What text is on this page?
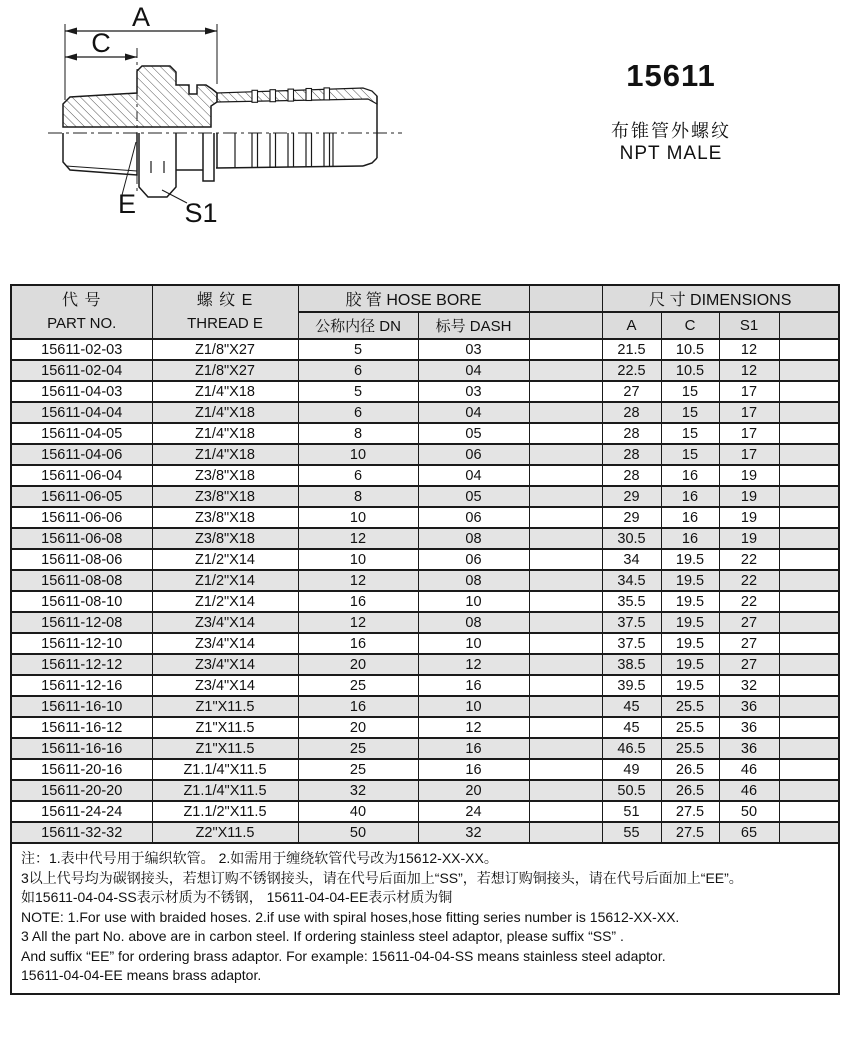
A
C
E S1
15611
布锥管外螺纹
NPT MALE
代 号
PART NO.

螺 纹 E
THREAD E
	胶 管 HOSE BORE		尺 寸 DIMENSIONS
		公称内径 DN	标号 DASH		A	C	S1	
15611-02-03	Z1/8"X27	5	03		21.5	10.5	12	
15611-02-04	Z1/8"X27	6	04		22.5	10.5	12	
15611-04-03	Z1/4"X18	5	03		27	15	17	
15611-04-04	Z1/4"X18	6	04		28	15	17	
15611-04-05	Z1/4"X18	8	05		28	15	17	
15611-04-06	Z1/4"X18	10	06		28	15	17	
15611-06-04	Z3/8"X18	6	04		28	16	19	
15611-06-05	Z3/8"X18	8	05		29	16	19	
15611-06-06	Z3/8"X18	10	06		29	16	19	
15611-06-08	Z3/8"X18	12	08		30.5	16	19	
15611-08-06	Z1/2"X14	10	06		34	19.5	22	
15611-08-08	Z1/2"X14	12	08		34.5	19.5	22	
15611-08-10	Z1/2"X14	16	10		35.5	19.5	22	
15611-12-08	Z3/4"X14	12	08		37.5	19.5	27	
15611-12-10	Z3/4"X14	16	10		37.5	19.5	27	
15611-12-12	Z3/4"X14	20	12		38.5	19.5	27	
15611-12-16	Z3/4"X14	25	16		39.5	19.5	32	
15611-16-10	Z1"X11.5	16	10		45	25.5	36	
15611-16-12	Z1"X11.5	20	12		45	25.5	36	
15611-16-16	Z1"X11.5	25	16		46.5	25.5	36	
15611-20-16	Z1.1/4"X11.5	25	16		49	26.5	46	
15611-20-20	Z1.1/4"X11.5	32	20		50.5	26.5	46	
15611-24-24	Z1.1/2"X11.5	40	24		51	27.5	50	
15611-32-32	Z2"X11.5	50	32		55	27.5	65	

注：1.表中代号用于编织软管。 2.如需用于缠绕软管代号改为15612-XX-XX。
3以上代号均为碳钢接头，若想订购不锈钢接头，请在代号后面加上“SS”，若想订购铜接头，请在代号后面加上“EE”。
如15611-04-04-SS表示材质为不锈钢， 15611-04-04-EE表示材质为铜
NOTE: 1.For use with braided hoses. 2.if use with spiral hoses,hose fitting series number is 15612-XX-XX.
3 All the part No. above are in carbon steel. If ordering stainless steel adaptor, please suffix “SS” .
And suffix “EE” for ordering brass adaptor. For example: 15611-04-04-SS means stainless steel adaptor.
15611-04-04-EE means brass adaptor.
